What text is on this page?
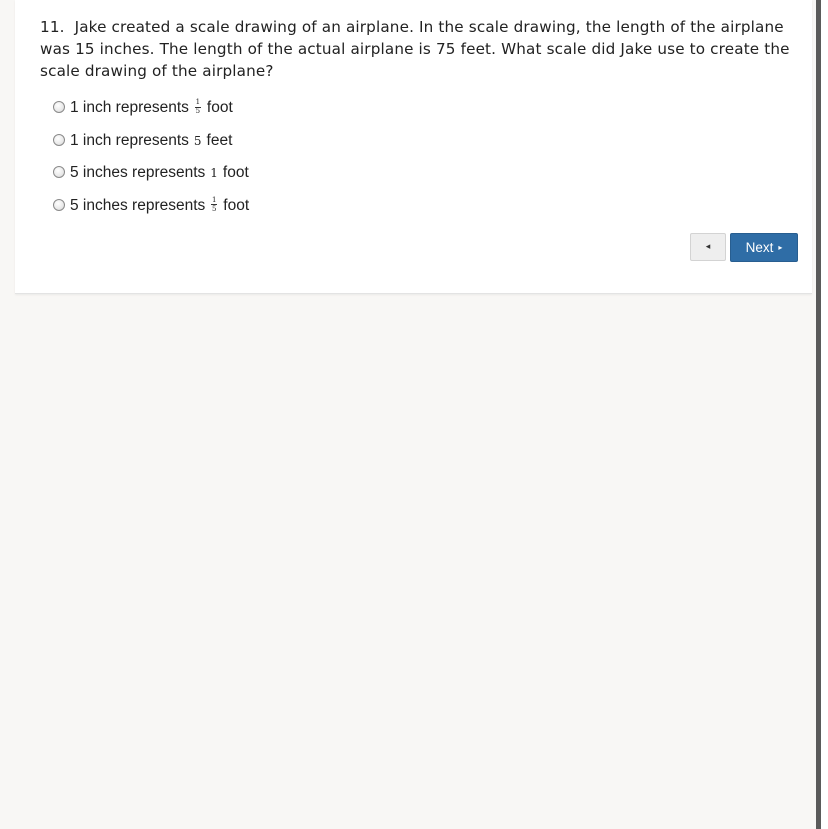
11. Jake created a scale drawing of an airplane. In the scale drawing, the length of the airplane was 15 inches. The length of the actual airplane is 75 feet. What scale did Jake use to create the scale drawing of the airplane?
1 inch represents $\frac{1}{5}$ foot
1 inch represents 5 feet
5 inches represents 1 foot
5 inches represents $\frac{1}{5}$ foot
◂	Next ▸
